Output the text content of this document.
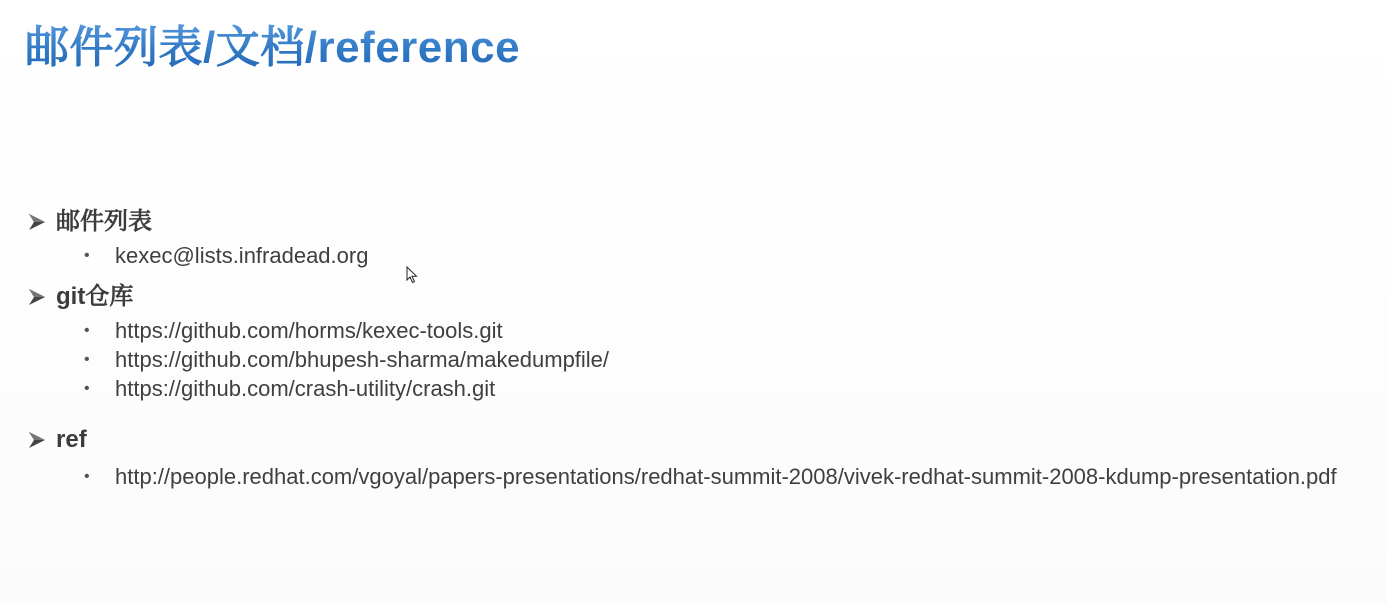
邮件列表/文档/reference
邮件列表
• kexec@lists.infradead.org
git仓库
• https://github.com/horms/kexec-tools.git
• https://github.com/bhupesh-sharma/makedumpfile/
• https://github.com/crash-utility/crash.git
ref
• http://people.redhat.com/vgoyal/papers-presentations/redhat-summit-2008/vivek-redhat-summit-2008-kdump-presentation.pdf
